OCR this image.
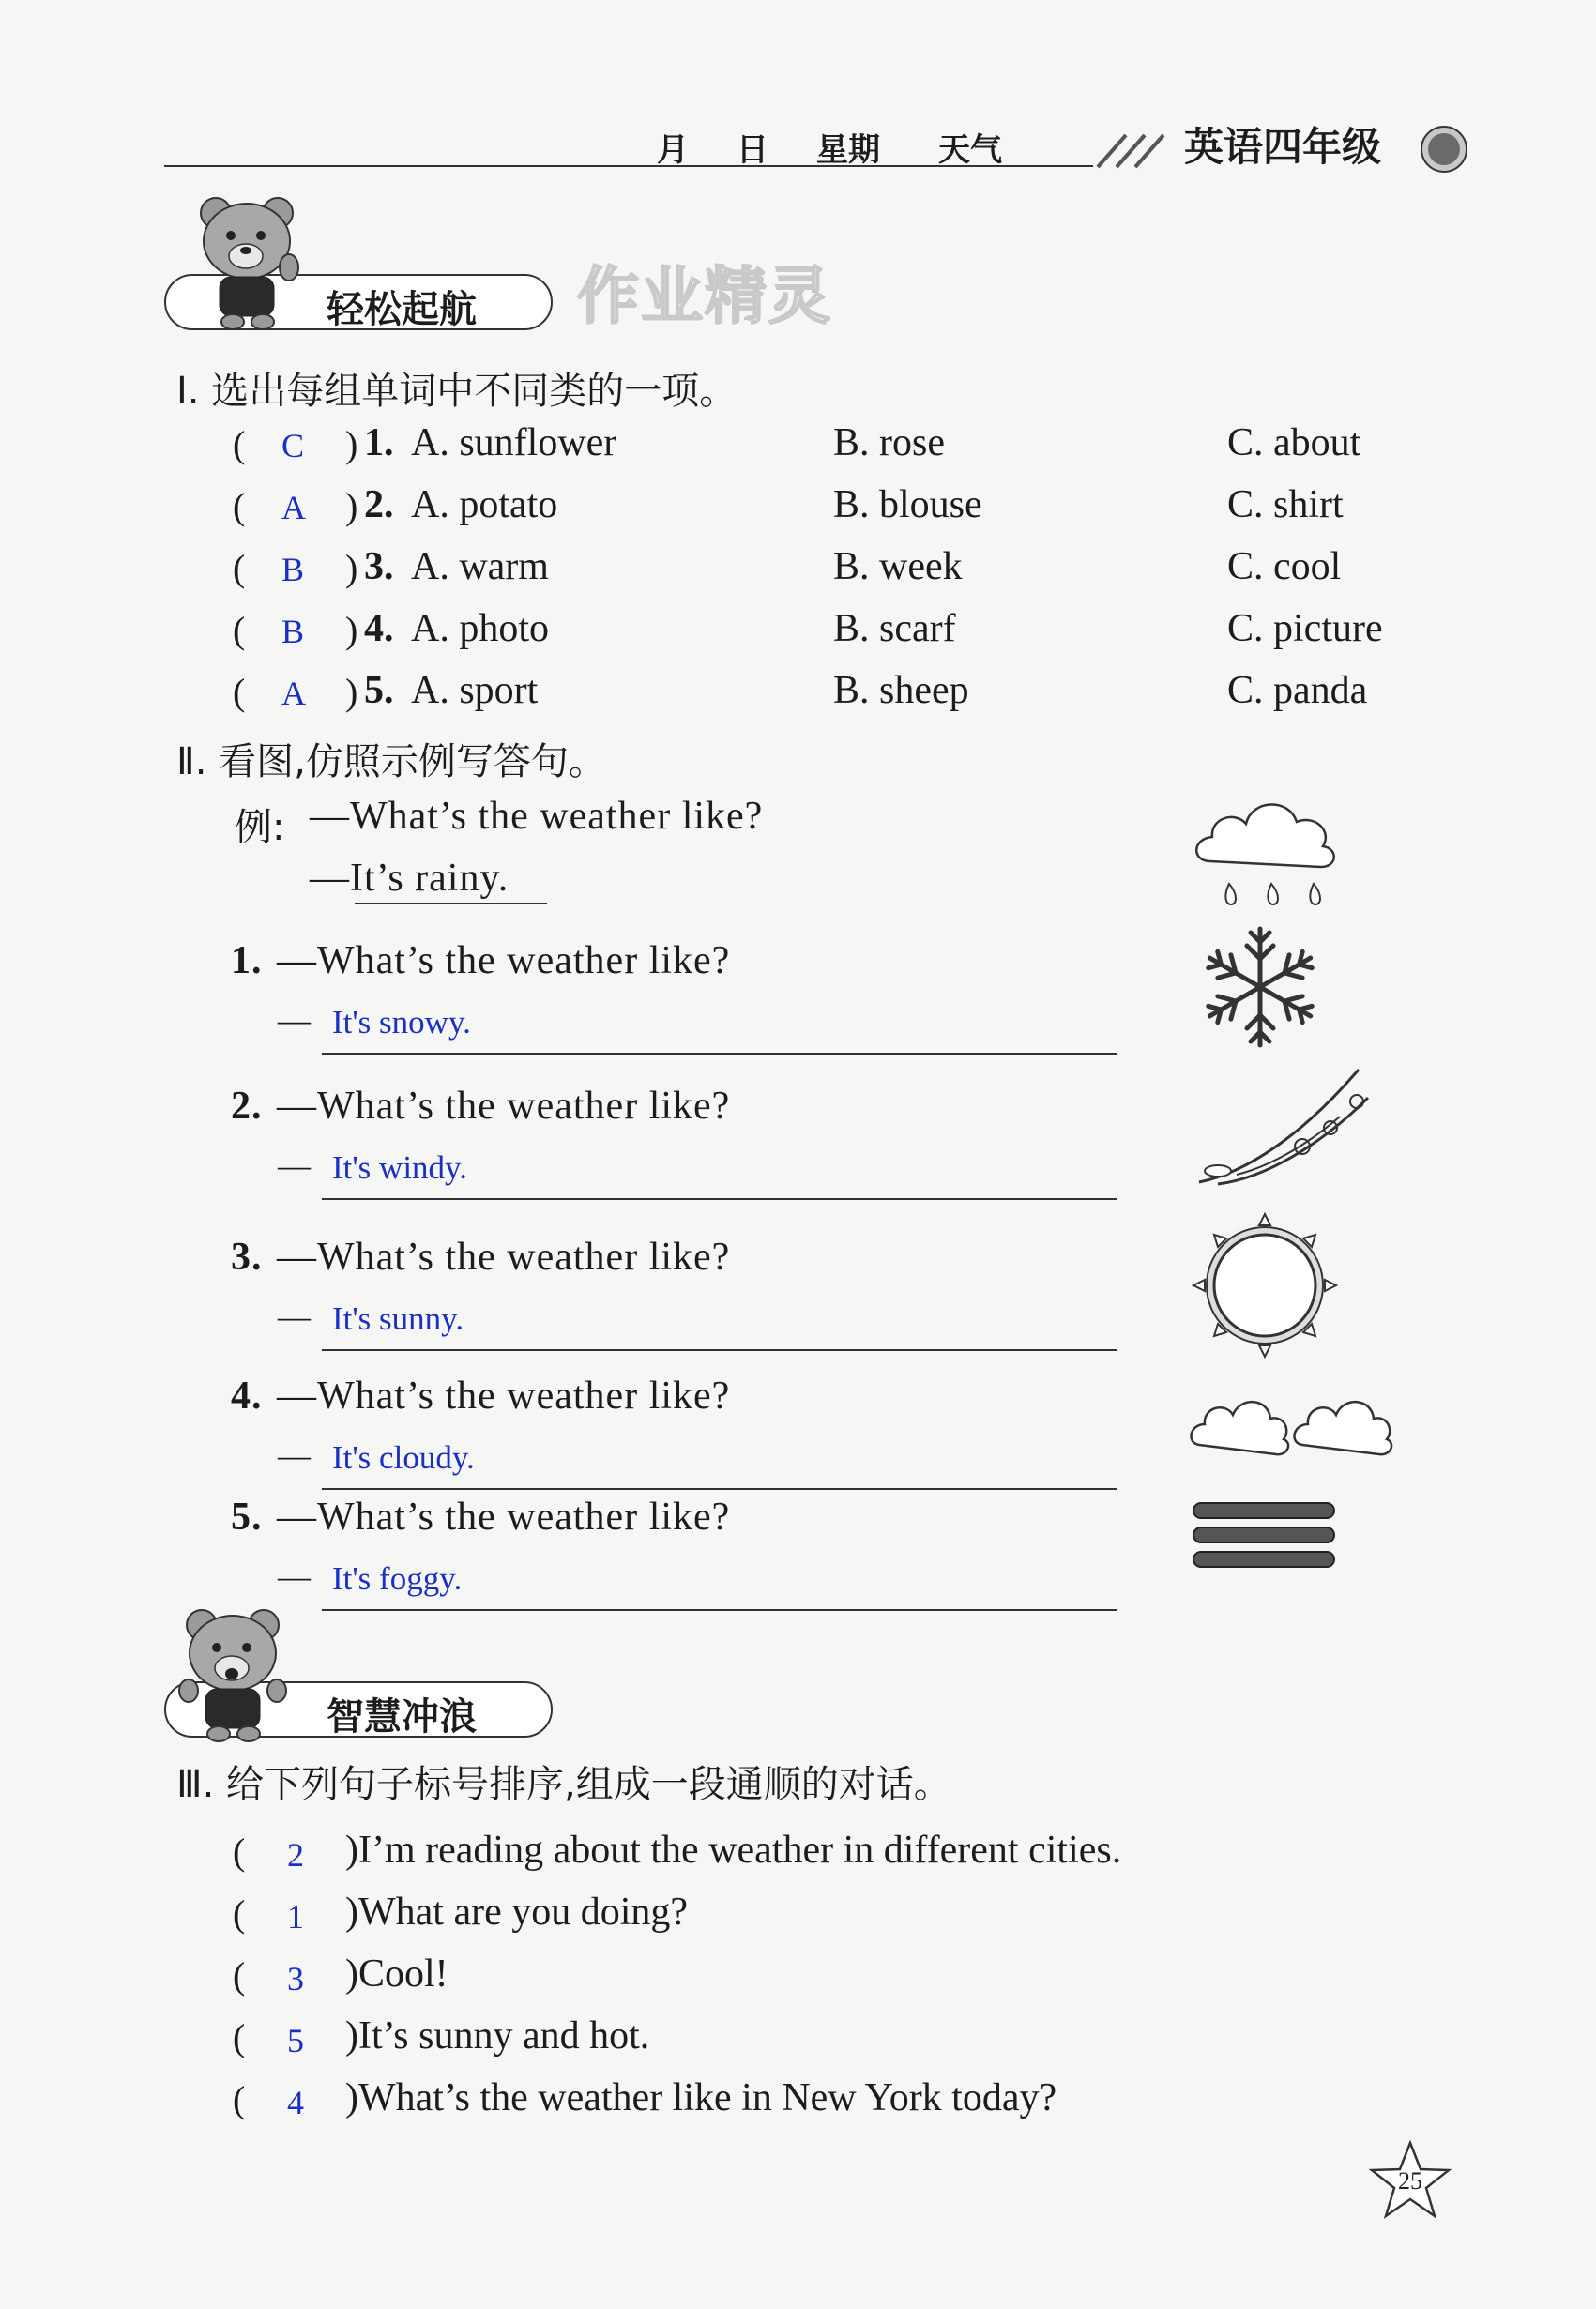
月 日 星期 天气	英语四年级
轻松起航 作业精灵
Ⅰ. 选出每组单词中不同类的一项。
( C ) 1. A. sunflower	B. rose	C. about
( A ) 2. A. potato	B. blouse	C. shirt
( B ) 3. A. warm	B. week	C. cool
( B ) 4. A. photo	B. scarf	C. picture
( A ) 5. A. sport	B. sheep	C. panda
Ⅱ. 看图,仿照示例写答句。
例: —What’s the weather like?
—It’s rainy.
1. —What’s the weather like?
— It's snowy.
2. —What’s the weather like?
— It's windy.
3. —What’s the weather like?
— It's sunny.
4. —What’s the weather like?
— It's cloudy.
5. —What’s the weather like?
— It's foggy.
智慧冲浪
Ⅲ. 给下列句子标号排序,组成一段通顺的对话。
( 2 )I’m reading about the weather in different cities.
( 1 )What are you doing?
( 3 )Cool!
( 5 )It’s sunny and hot.
( 4 )What’s the weather like in New York today?
25
